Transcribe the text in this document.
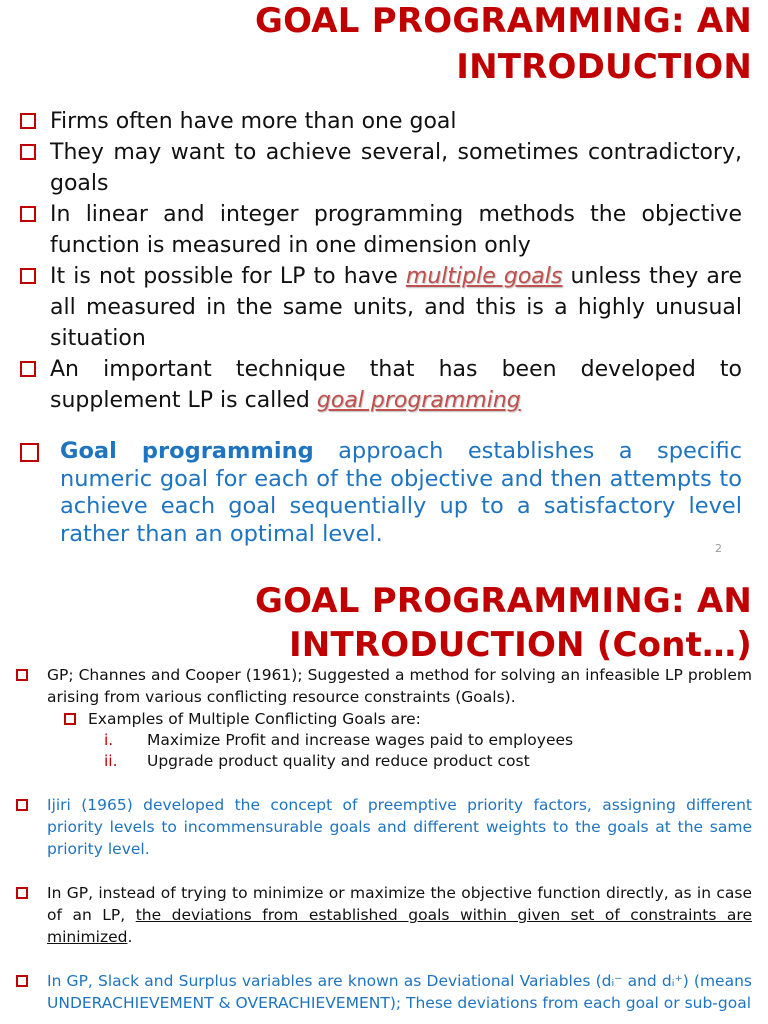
GOAL PROGRAMMING: AN
INTRODUCTION
Firms often have more than one goal
They may want to achieve several, sometimes contradictory, goals
In linear and integer programming methods the objective function is measured in one dimension only
It is not possible for LP to have multiple goals unless they are all measured in the same units, and this is a highly unusual situation
An important technique that has been developed to supplement LP is called goal programming
Goal programming approach establishes a specific numeric goal for each of the objective and then attempts to achieve each goal sequentially up to a satisfactory level rather than an optimal level.
2
GOAL PROGRAMMING: AN
INTRODUCTION (Cont…)
GP; Channes and Cooper (1961); Suggested a method for solving an infeasible LP problem arising from various conflicting resource constraints (Goals).
Examples of Multiple Conflicting Goals are:
i. Maximize Profit and increase wages paid to employees
ii. Upgrade product quality and reduce product cost
Ijiri (1965) developed the concept of preemptive priority factors, assigning different priority levels to incommensurable goals and different weights to the goals at the same priority level.
In GP, instead of trying to minimize or maximize the objective function directly, as in case of an LP, the deviations from established goals within given set of constraints are minimized.
In GP, Slack and Surplus variables are known as Deviational Variables (dᵢ⁻ and dᵢ⁺) (means UNDERACHIEVEMENT & OVERACHIEVEMENT); These deviations from each goal or sub-goal
